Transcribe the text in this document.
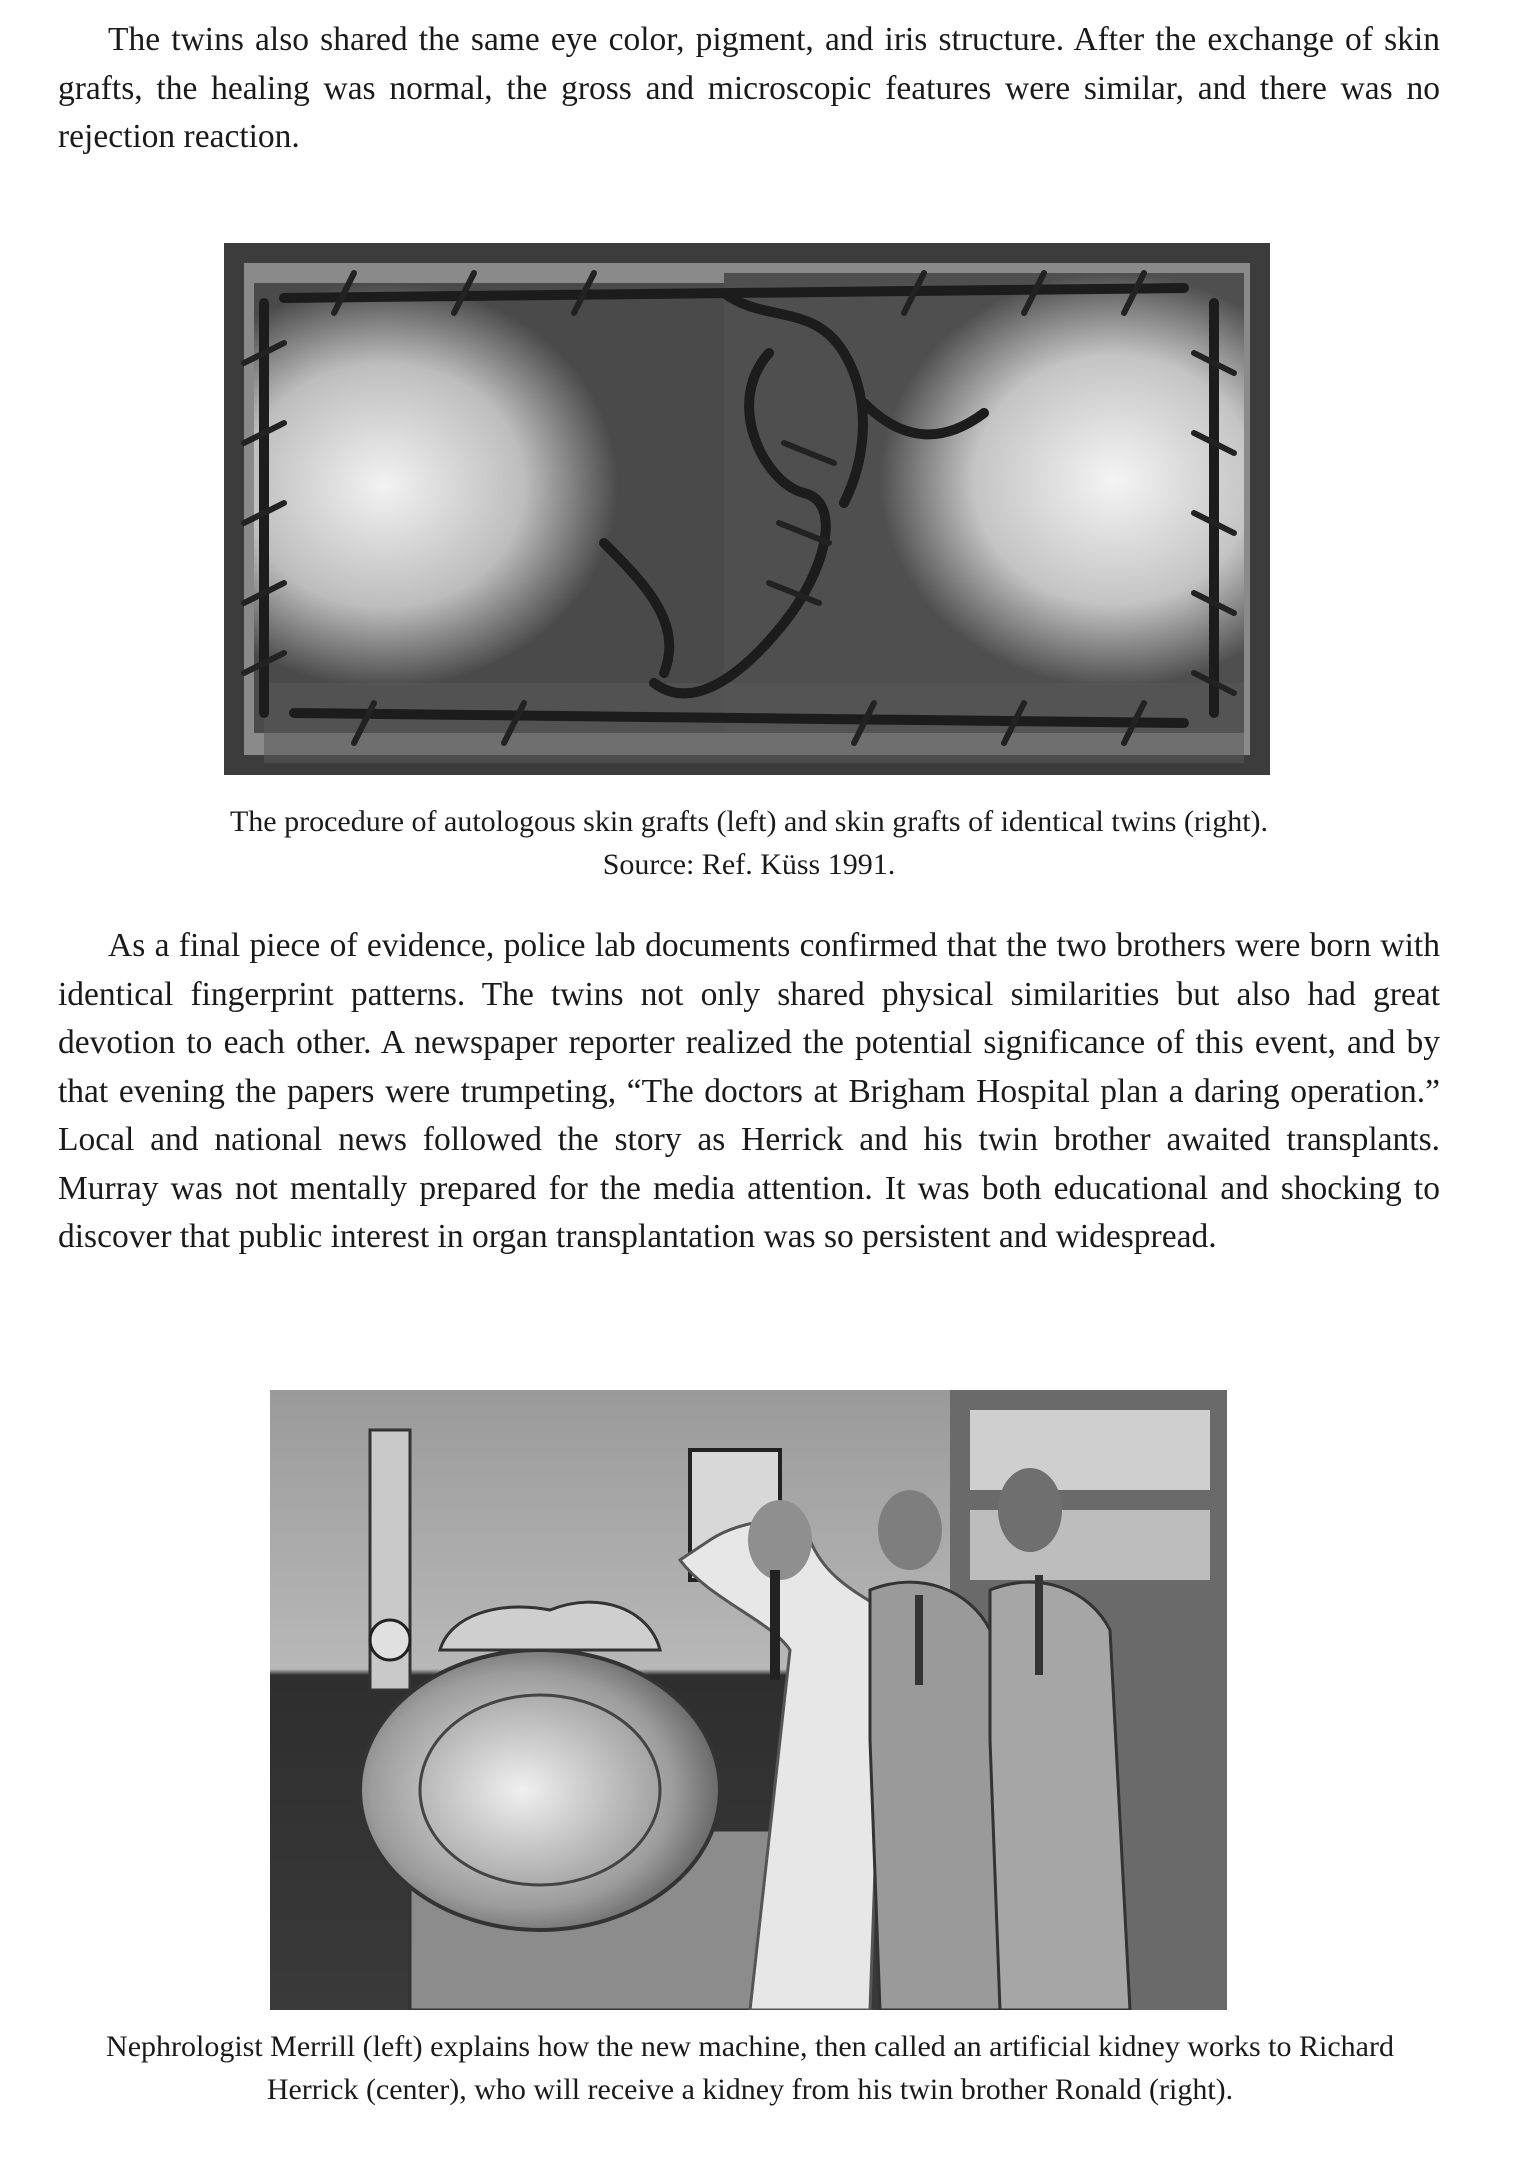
The twins also shared the same eye color, pigment, and iris structure. After the exchange of skin grafts, the healing was normal, the gross and microscopic features were similar, and there was no rejection reaction.

The procedure of autologous skin grafts (left) and skin grafts of identical twins (right).
Source: Ref. Küss 1991.

As a final piece of evidence, police lab documents confirmed that the two brothers were born with identical fingerprint patterns. The twins not only shared physical similarities but also had great devotion to each other. A newspaper reporter realized the potential significance of this event, and by that evening the papers were trumpeting, “The doctors at Brigham Hospital plan a daring operation.” Local and national news followed the story as Herrick and his twin brother awaited transplants. Murray was not mentally prepared for the media attention. It was both educational and shocking to discover that public interest in organ transplantation was so persistent and widespread.

Nephrologist Merrill (left) explains how the new machine, then called an artificial kidney works to Richard Herrick (center), who will receive a kidney from his twin brother Ronald (right).
